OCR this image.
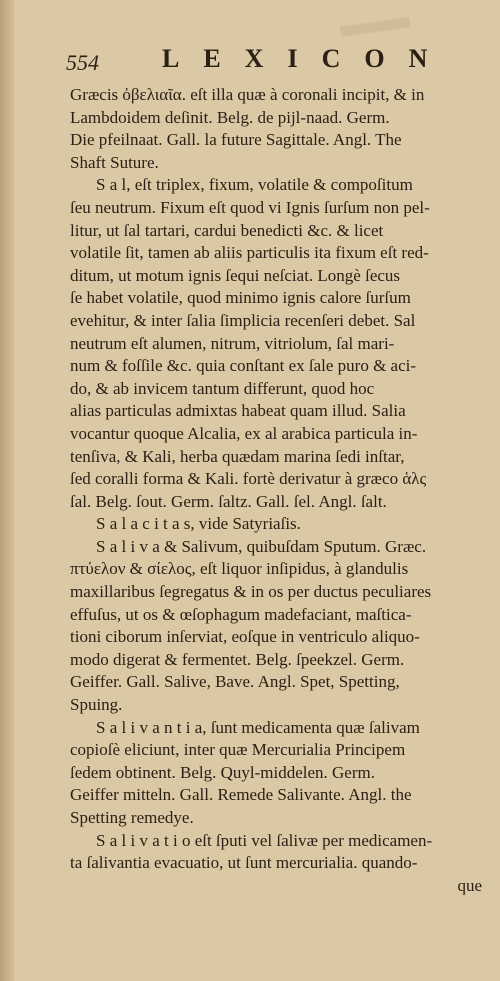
554 LEXICON
Græcis ὀβελιαῖα. eſt illa quæ à coronali incipit, & in
Lambdoidem deſinit. Belg. de pijl-naad. Germ.
Die pfeilnaat. Gall. la future Sagittale. Angl. The
Shaft Suture.
S a l, eſt triplex, fixum, volatile & compoſitum
ſeu neutrum. Fixum eſt quod vi Ignis ſurſum non pel-
litur, ut ſal tartari, cardui benedicti &c. & licet
volatile ſit, tamen ab aliis particulis ita fixum eſt red-
ditum, ut motum ignis ſequi neſciat. Longè ſecus
ſe habet volatile, quod minimo ignis calore ſurſum
evehitur, & inter ſalia ſimplicia recenſeri debet. Sal
neutrum eſt alumen, nitrum, vitriolum, ſal mari-
num & foſſile &c. quia conſtant ex ſale puro & aci-
do, & ab invicem tantum differunt, quod hoc
alias particulas admixtas habeat quam illud. Salia
vocantur quoque Alcalia, ex al arabica particula in-
tenſiva, & Kali, herba quædam marina ſedi inſtar,
ſed coralli forma & Kali. fortè derivatur à græco ἁλς
ſal. Belg. ſout. Germ. ſaltz. Gall. ſel. Angl. ſalt.
S a l a c i t a s, vide Satyriaſis.
S a l i v a & Salivum, quibuſdam Sputum. Græc.
πτύελον & σίελος, eſt liquor inſipidus, à glandulis
maxillaribus ſegregatus & in os per ductus peculiares
effuſus, ut os & œſophagum madefaciant, maſtica-
tioni ciborum inſerviat, eoſque in ventriculo aliquo-
modo digerat & fermentet. Belg. ſpeekzel. Germ.
Geiffer. Gall. Salive, Bave. Angl. Spet, Spetting,
Spuing.
S a l i v a n t i a, ſunt medicamenta quæ ſalivam
copioſè eliciunt, inter quæ Mercurialia Principem
ſedem obtinent. Belg. Quyl-middelen. Germ.
Geiffer mitteln. Gall. Remede Salivante. Angl. the
Spetting remedye.
S a l i v a t i o eſt ſputi vel ſalivæ per medicamen-
ta ſalivantia evacuatio, ut ſunt mercurialia. quando-
que
